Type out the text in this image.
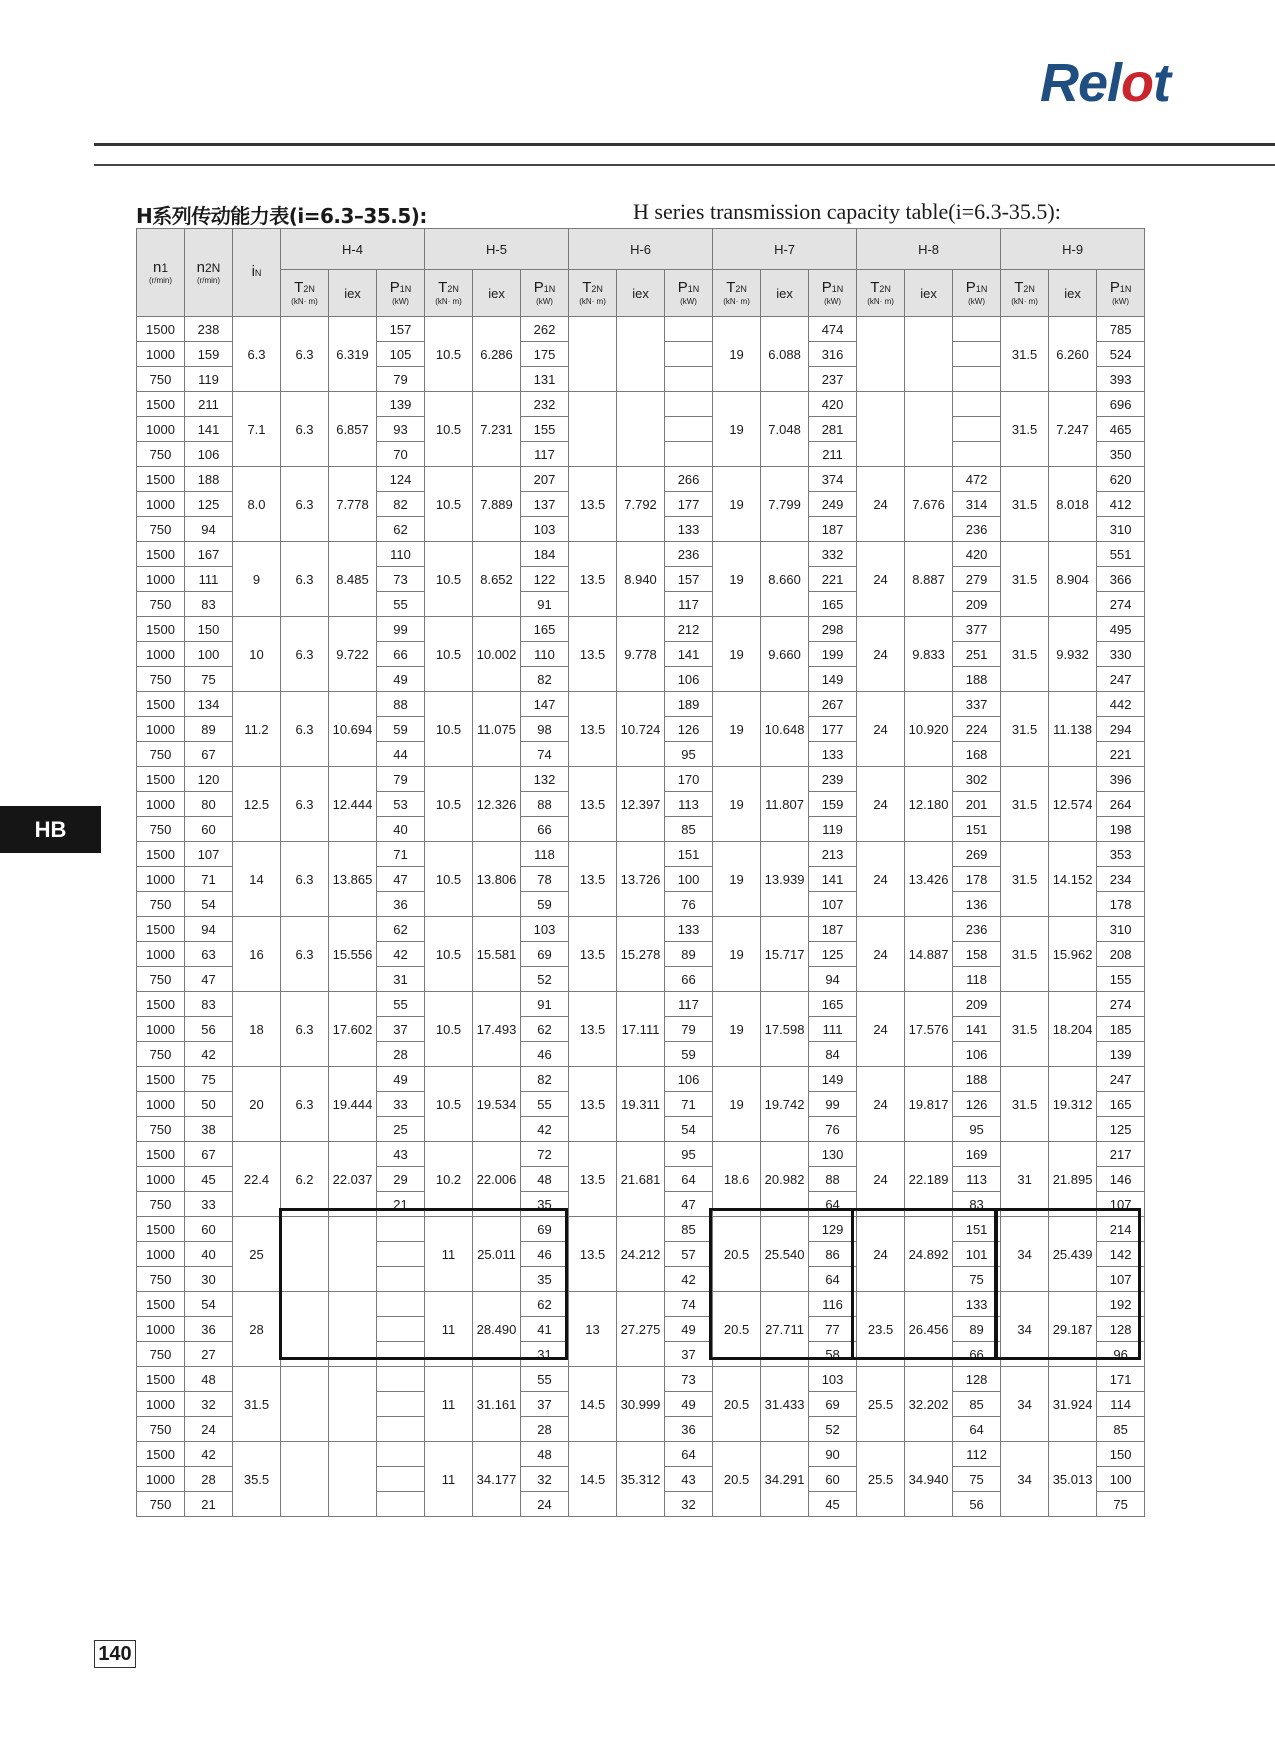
Relot
H系列传动能力表(i=6.3–35.5):	H series transmission capacity table(i=6.3-35.5):
HB
140
n1
(r/min)	n2N
(r/min)	iN	H-4			H-5			H-6			H-7			H-8			H-9		

			T2N
(kN· m)	iex	P1N
(kW)	T2N
(kN· m)	iex	P1N
(kW)	T2N
(kN· m)	iex	P1N
(kW)	T2N
(kN· m)	iex	P1N
(kW)	T2N
(kN· m)	iex	P1N
(kW)	T2N
(kN· m)	iex	P1N
(kW)

1500	238	6.3	6.3	6.319	157	10.5	6.286	262				19	6.088	474				31.5	6.260	785
1000	159				105			175						316						524
750	119				79			131						237						393
1500	211	7.1	6.3	6.857	139	10.5	7.231	232				19	7.048	420				31.5	7.247	696
1000	141				93			155						281						465
750	106				70			117						211						350
1500	188	8.0	6.3	7.778	124	10.5	7.889	207	13.5	7.792	266	19	7.799	374	24	7.676	472	31.5	8.018	620
1000	125				82			137			177			249			314			412
750	94				62			103			133			187			236			310
1500	167	9	6.3	8.485	110	10.5	8.652	184	13.5	8.940	236	19	8.660	332	24	8.887	420	31.5	8.904	551
1000	111				73			122			157			221			279			366
750	83				55			91			117			165			209			274
1500	150	10	6.3	9.722	99	10.5	10.002	165	13.5	9.778	212	19	9.660	298	24	9.833	377	31.5	9.932	495
1000	100				66			110			141			199			251			330
750	75				49			82			106			149			188			247
1500	134	11.2	6.3	10.694	88	10.5	11.075	147	13.5	10.724	189	19	10.648	267	24	10.920	337	31.5	11.138	442
1000	89				59			98			126			177			224			294
750	67				44			74			95			133			168			221
1500	120	12.5	6.3	12.444	79	10.5	12.326	132	13.5	12.397	170	19	11.807	239	24	12.180	302	31.5	12.574	396
1000	80				53			88			113			159			201			264
750	60				40			66			85			119			151			198
1500	107	14	6.3	13.865	71	10.5	13.806	118	13.5	13.726	151	19	13.939	213	24	13.426	269	31.5	14.152	353
1000	71				47			78			100			141			178			234
750	54				36			59			76			107			136			178
1500	94	16	6.3	15.556	62	10.5	15.581	103	13.5	15.278	133	19	15.717	187	24	14.887	236	31.5	15.962	310
1000	63				42			69			89			125			158			208
750	47				31			52			66			94			118			155
1500	83	18	6.3	17.602	55	10.5	17.493	91	13.5	17.111	117	19	17.598	165	24	17.576	209	31.5	18.204	274
1000	56				37			62			79			111			141			185
750	42				28			46			59			84			106			139
1500	75	20	6.3	19.444	49	10.5	19.534	82	13.5	19.311	106	19	19.742	149	24	19.817	188	31.5	19.312	247
1000	50				33			55			71			99			126			165
750	38				25			42			54			76			95			125
1500	67	22.4	6.2	22.037	43	10.2	22.006	72	13.5	21.681	95	18.6	20.982	130	24	22.189	169	31	21.895	217
1000	45				29			48			64			88			113			146
750	33				21			35			47			64			83			107
1500	60	25				11	25.011	69	13.5	24.212	85	20.5	25.540	129	24	24.892	151	34	25.439	214
1000	40							46			57			86			101			142
750	30							35			42			64			75			107
1500	54	28				11	28.490	62	13	27.275	74	20.5	27.711	116	23.5	26.456	133	34	29.187	192
1000	36							41			49			77			89			128
750	27							31			37			58			66			96
1500	48	31.5				11	31.161	55	14.5	30.999	73	20.5	31.433	103	25.5	32.202	128	34	31.924	171
1000	32							37			49			69			85			114
750	24							28			36			52			64			85
1500	42	35.5				11	34.177	48	14.5	35.312	64	20.5	34.291	90	25.5	34.940	112	34	35.013	150
1000	28							32			43			60			75			100
750	21							24			32			45			56			75
